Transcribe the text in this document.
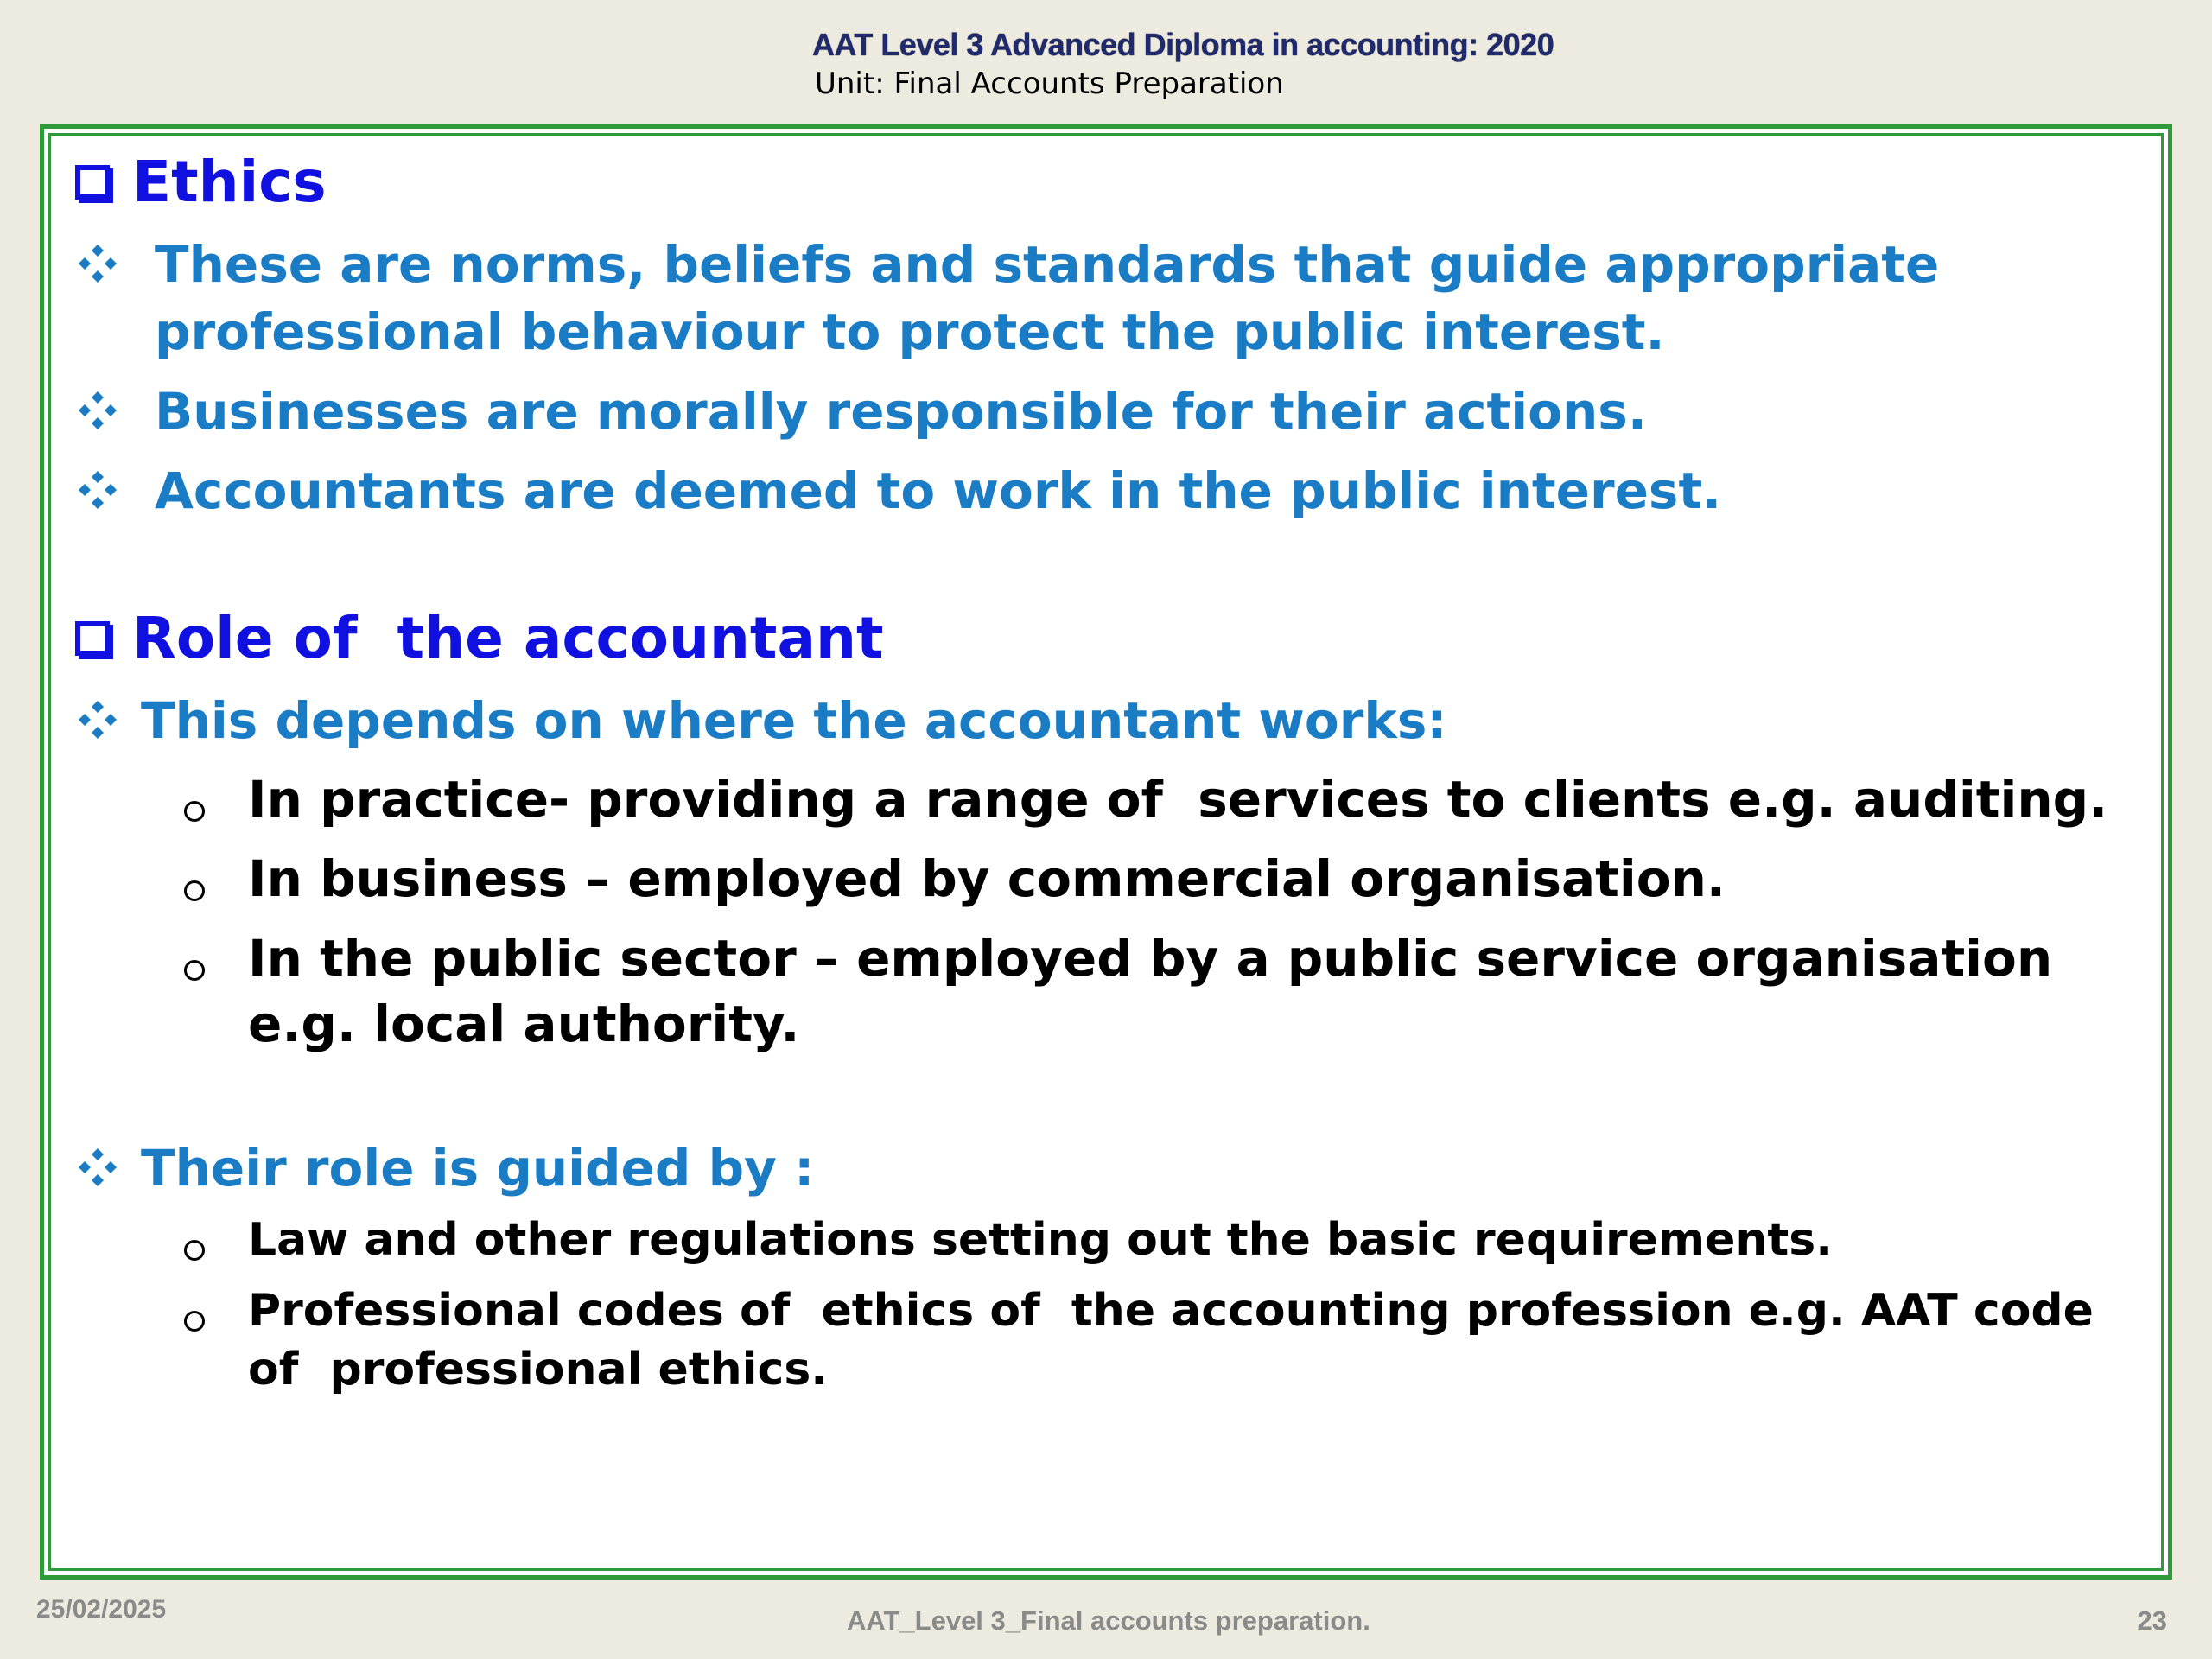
AAT Level 3 Advanced Diploma in accounting: 2020
Unit: Final Accounts Preparation
Ethics
These are norms, beliefs and standards that guide appropriate professional behaviour to protect the public interest.
Businesses are morally responsible for their actions.
Accountants are deemed to work in the public interest.
Role of  the accountant
This depends on where the accountant works:
In practice- providing a range of  services to clients e.g. auditing.
In business – employed by commercial organisation.
In the public sector – employed by a public service organisation e.g. local authority.
Their role is guided by :
Law and other regulations setting out the basic requirements.
Professional codes of  ethics of  the accounting profession e.g. AAT code of  professional ethics.
25/02/2025	AAT_Level 3_Final accounts preparation.	23
